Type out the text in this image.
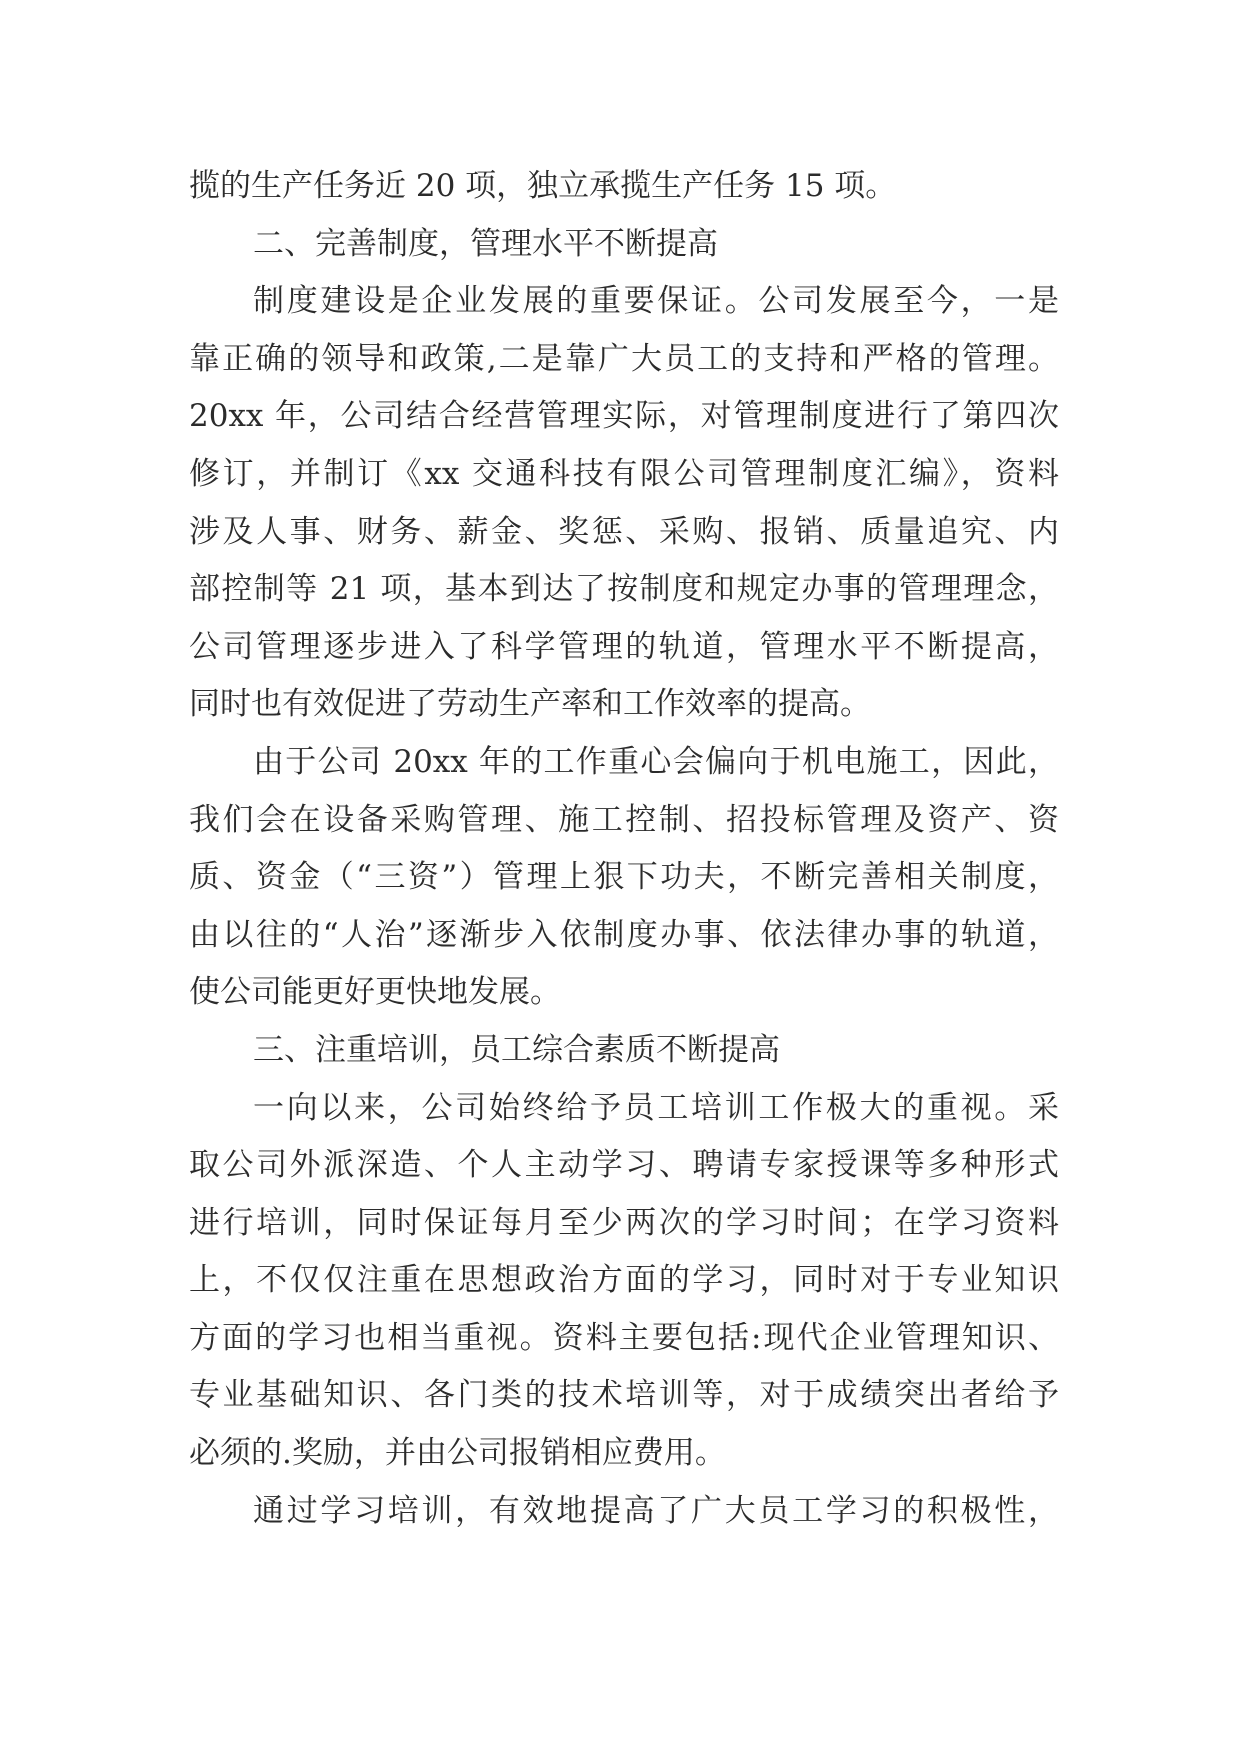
揽的生产任务近 20 项，独立承揽生产任务 15 项。
二、完善制度，管理水平不断提高
制度建设是企业发展的重要保证。公司发展至今，一是
靠正确的领导和政策,二是靠广大员工的支持和严格的管理。
20xx 年，公司结合经营管理实际，对管理制度进行了第四次
修订，并制订《xx 交通科技有限公司管理制度汇编》，资料
涉及人事、财务、薪金、奖惩、采购、报销、质量追究、内
部控制等 21 项，基本到达了按制度和规定办事的管理理念，
公司管理逐步进入了科学管理的轨道，管理水平不断提高，
同时也有效促进了劳动生产率和工作效率的提高。
由于公司 20xx 年的工作重心会偏向于机电施工，因此，
我们会在设备采购管理、施工控制、招投标管理及资产、资
质、资金（“三资”）管理上狠下功夫，不断完善相关制度，
由以往的“人治”逐渐步入依制度办事、依法律办事的轨道，
使公司能更好更快地发展。
三、注重培训，员工综合素质不断提高
一向以来，公司始终给予员工培训工作极大的重视。采
取公司外派深造、个人主动学习、聘请专家授课等多种形式
进行培训，同时保证每月至少两次的学习时间；在学习资料
上，不仅仅注重在思想政治方面的学习，同时对于专业知识
方面的学习也相当重视。资料主要包括:现代企业管理知识、
专业基础知识、各门类的技术培训等，对于成绩突出者给予
必须的.奖励，并由公司报销相应费用。
通过学习培训，有效地提高了广大员工学习的积极性，
